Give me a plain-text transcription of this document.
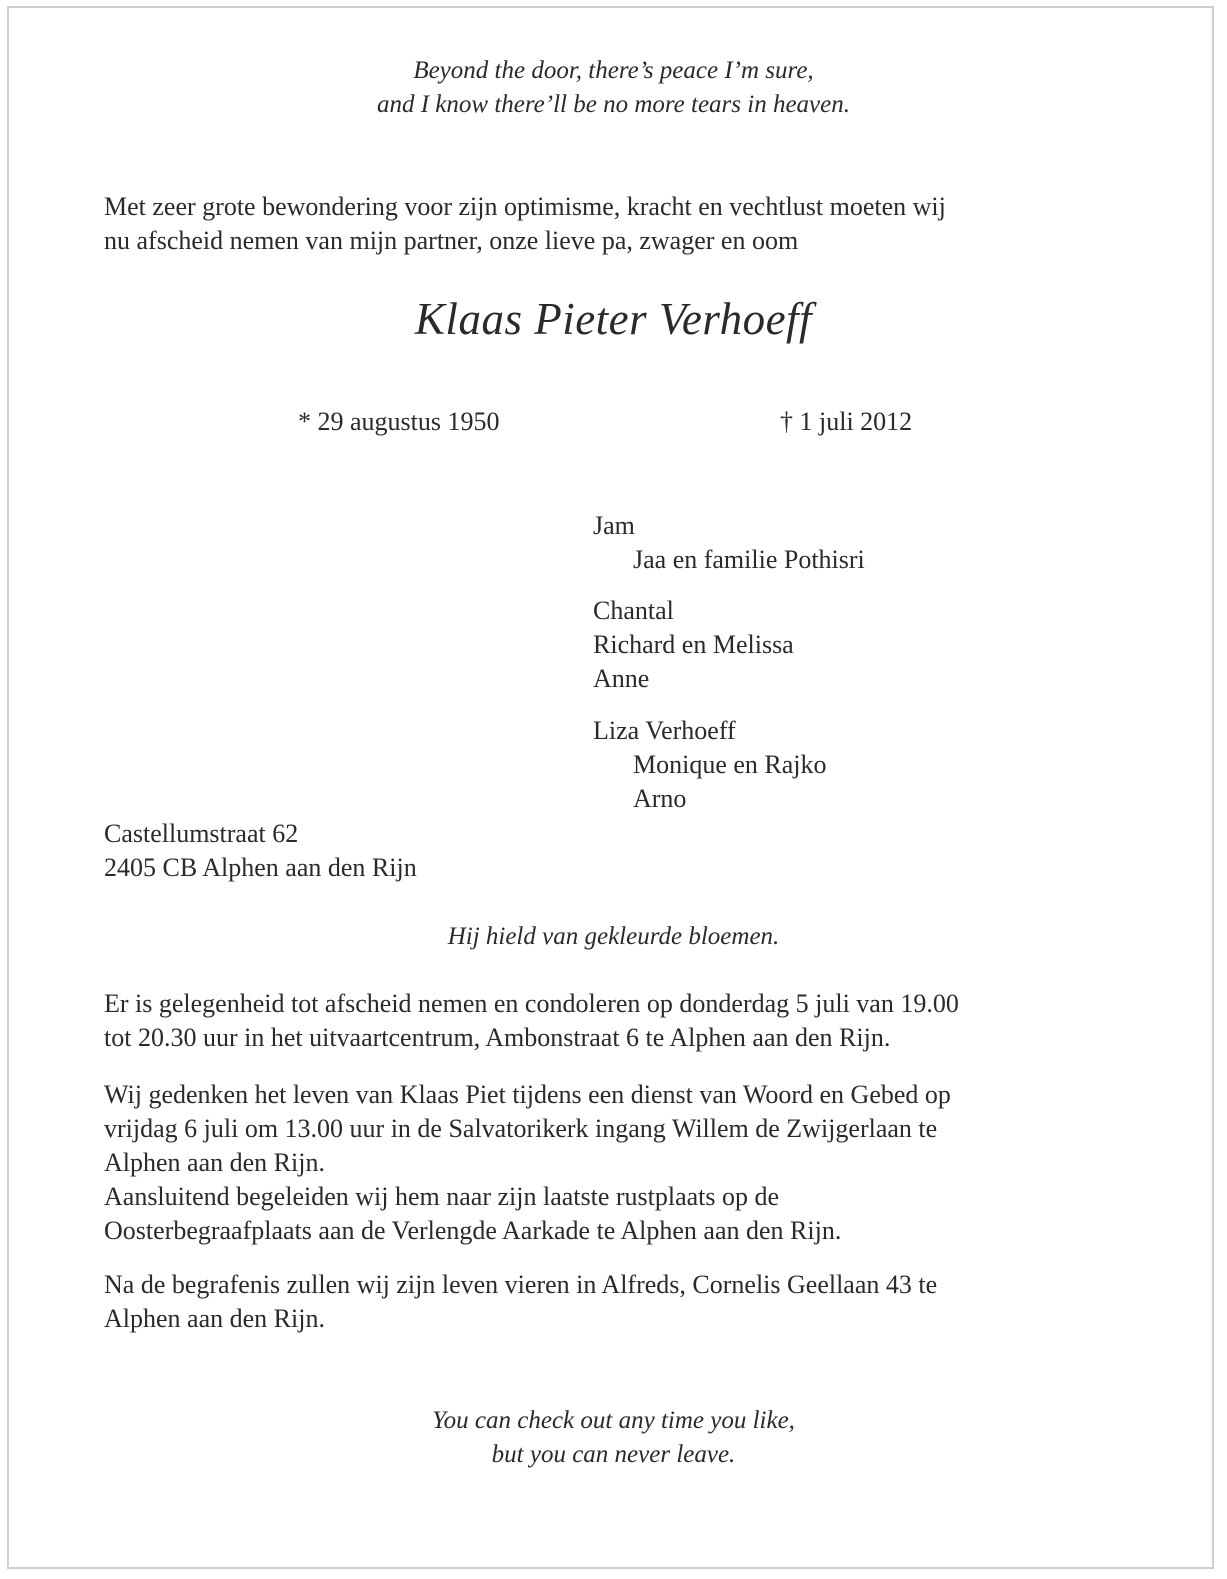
Beyond the door, there’s peace I’m sure,
and I know there’ll be no more tears in heaven.
Met zeer grote bewondering voor zijn optimisme, kracht en vechtlust moeten wij
nu afscheid nemen van mijn partner, onze lieve pa, zwager en oom
Klaas Pieter Verhoeff
* 29 augustus 1950	† 1 juli 2012
Jam
Jaa en familie Pothisri
Chantal
Richard en Melissa
Anne
Liza Verhoeff
Monique en Rajko
Arno
Castellumstraat 62
2405 CB Alphen aan den Rijn
Hij hield van gekleurde bloemen.
Er is gelegenheid tot afscheid nemen en condoleren op donderdag 5 juli van 19.00
tot 20.30 uur in het uitvaartcentrum, Ambonstraat 6 te Alphen aan den Rijn.
Wij gedenken het leven van Klaas Piet tijdens een dienst van Woord en Gebed op
vrijdag 6 juli om 13.00 uur in de Salvatorikerk ingang Willem de Zwijgerlaan te
Alphen aan den Rijn.
Aansluitend begeleiden wij hem naar zijn laatste rustplaats op de
Oosterbegraafplaats aan de Verlengde Aarkade te Alphen aan den Rijn.
Na de begrafenis zullen wij zijn leven vieren in Alfreds, Cornelis Geellaan 43 te
Alphen aan den Rijn.
You can check out any time you like,
but you can never leave.
